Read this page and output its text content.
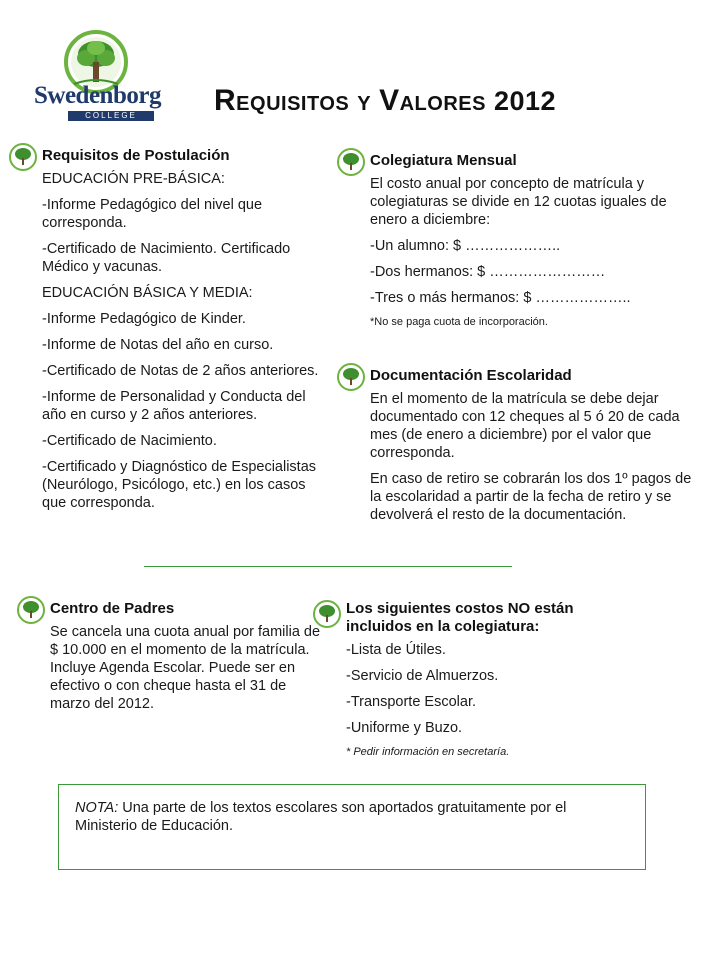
Swedenborg
COLLEGE	REQUISITOS Y VALORES 2012
Requisitos de Postulación

EDUCACIÓN PRE-BÁSICA:

-Informe Pedagógico del nivel que corresponda.

-Certificado de Nacimiento. Certificado Médico y vacunas.

EDUCACIÓN BÁSICA Y MEDIA:

-Informe Pedagógico de Kinder.

-Informe de Notas del año en curso.

-Certificado de Notas de 2 años anteriores.

-Informe de Personalidad y Conducta del año en curso y 2 años anteriores.

-Certificado de Nacimiento.

-Certificado y Diagnóstico de Especialistas (Neurólogo, Psicólogo, etc.) en los casos que corresponda.

Colegiatura Mensual

El costo anual por concepto de matrícula y colegiaturas se divide en 12 cuotas iguales de enero a diciembre:

-Un alumno: $ ………………..

-Dos hermanos: $ ……………………

-Tres o más hermanos: $ ………………..

*No se paga cuota de incorporación.

Documentación Escolaridad

En el momento de la matrícula se debe dejar documentado con 12 cheques al 5 ó 20 de cada mes (de enero a diciembre) por el valor que corresponda.

En caso de retiro se cobrarán los dos 1º pagos de la escolaridad a partir de la fecha de retiro y se devolverá el resto de la documentación.

Centro de Padres

Se cancela una cuota anual por familia de $ 10.000 en el momento de la matrícula. Incluye Agenda Escolar. Puede ser en efectivo o con cheque hasta el 31 de marzo del 2012.

Los siguientes costos NO están incluidos en la colegiatura:

-Lista de Útiles.

-Servicio de Almuerzos.

-Transporte Escolar.

-Uniforme y Buzo.

* Pedir información en secretaría.

NOTA: Una parte de los textos escolares son aportados gratuitamente por el Ministerio de Educación.
